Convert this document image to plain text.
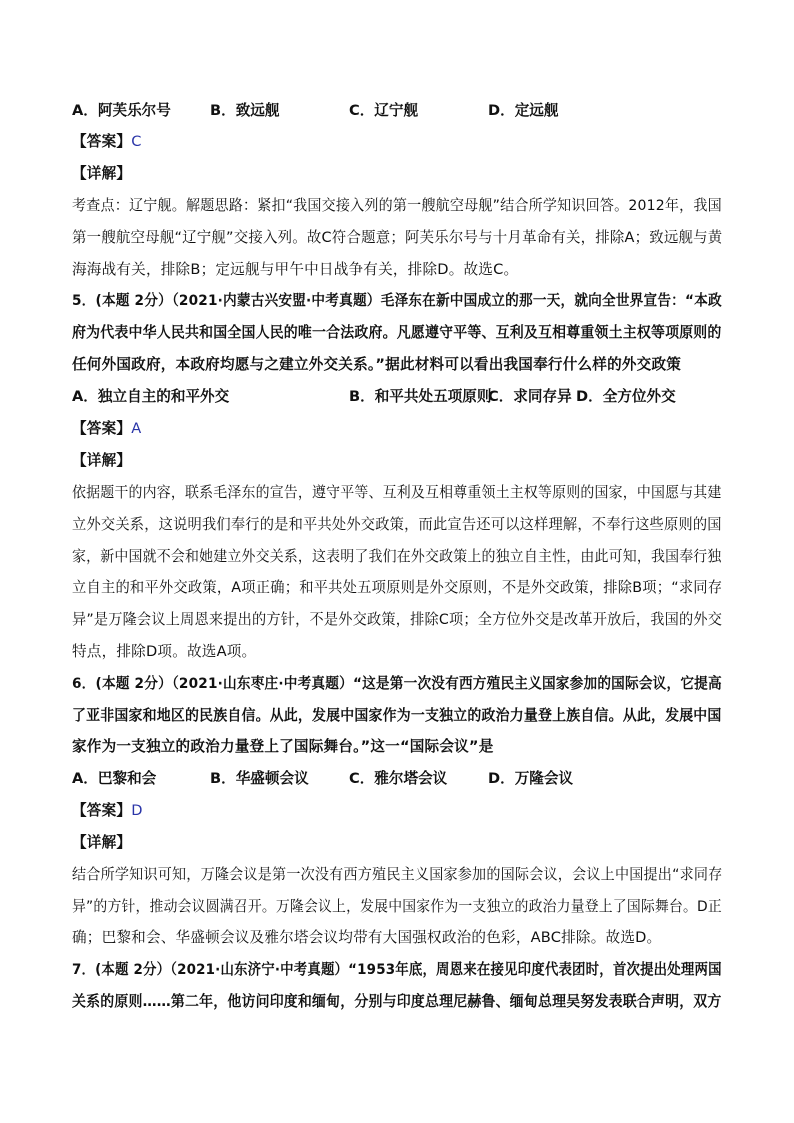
A．阿芙乐尔号	B．致远舰	C．辽宁舰	D．定远舰
【答案】C
【详解】
考查点：辽宁舰。解题思路：紧扣“我国交接入列的第一艘航空母舰”结合所学知识回答。2012年，我国
第一艘航空母舰“辽宁舰”交接入列。故C符合题意；阿芙乐尔号与十月革命有关，排除A；致远舰与黄
海海战有关，排除B；定远舰与甲午中日战争有关，排除D。故选C。
5．(本题 2分）（2021·内蒙古兴安盟·中考真题）毛泽东在新中国成立的那一天，就向全世界宣告：“本政
府为代表中华人民共和国全国人民的唯一合法政府。凡愿遵守平等、互利及互相尊重领土主权等项原则的
任何外国政府，本政府均愿与之建立外交关系。”据此材料可以看出我国奉行什么样的外交政策
A．独立自主的和平外交	B．和平共处五项原则
C．求同存异 D．全方位外交
【答案】A
【详解】
依据题干的内容，联系毛泽东的宣告，遵守平等、互利及互相尊重领土主权等原则的国家，中国愿与其建
立外交关系，这说明我们奉行的是和平共处外交政策，而此宣告还可以这样理解，不奉行这些原则的国
家，新中国就不会和她建立外交关系，这表明了我们在外交政策上的独立自主性，由此可知，我国奉行独
立自主的和平外交政策，A项正确；和平共处五项原则是外交原则，不是外交政策，排除B项；“求同存
异”是万隆会议上周恩来提出的方针，不是外交政策，排除C项；全方位外交是改革开放后，我国的外交
特点，排除D项。故选A项。
6．(本题 2分）（2021·山东枣庄·中考真题）“这是第一次没有西方殖民主义国家参加的国际会议，它提高
了亚非国家和地区的民族自信。从此，发展中国家作为一支独立的政治力量登上族自信。从此，发展中国
家作为一支独立的政治力量登上了国际舞台。”这一“国际会议”是
A．巴黎和会	B．华盛顿会议	C．雅尔塔会议	D．万隆会议
【答案】D
【详解】
结合所学知识可知，万隆会议是第一次没有西方殖民主义国家参加的国际会议，会议上中国提出“求同存
异”的方针，推动会议圆满召开。万隆会议上，发展中国家作为一支独立的政治力量登上了国际舞台。D正
确；巴黎和会、华盛顿会议及雅尔塔会议均带有大国强权政治的色彩，ABC排除。故选D。
7．(本题 2分）（2021·山东济宁·中考真题）“1953年底，周恩来在接见印度代表团时，首次提出处理两国
关系的原则……第二年，他访问印度和缅甸，分别与印度总理尼赫鲁、缅甸总理吴努发表联合声明，双方
